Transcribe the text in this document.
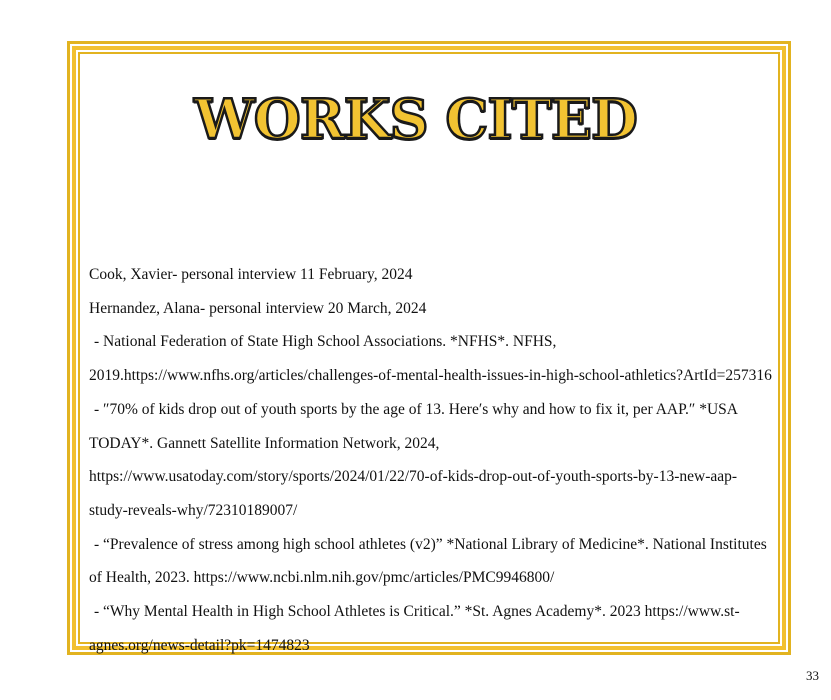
WORKS CITED

Cook, Xavier- personal interview 11 February, 2024

Hernandez, Alana- personal interview 20 March, 2024

- National Federation of State High School Associations. *NFHS*. NFHS, 2019.https://www.nfhs.org/articles/challenges-of-mental-health-issues-in-high-school-athletics?ArtId=257316

- ″70% of kids drop out of youth sports by the age of 13. Here′s why and how to fix it, per AAP.″ *USA TODAY*. Gannett Satellite Information Network, 2024, https://www.usatoday.com/story/sports/2024/01/22/70-of-kids-drop-out-of-youth-sports-by-13-new-aap-study-reveals-why/72310189007/

- “Prevalence of stress among high school athletes (v2)” *National Library of Medicine*. National Institutes of Health, 2023. https://www.ncbi.nlm.nih.gov/pmc/articles/PMC9946800/

- “Why Mental Health in High School Athletes is Critical.” *St. Agnes Academy*. 2023 https://www.st-agnes.org/news-detail?pk=1474823

33
